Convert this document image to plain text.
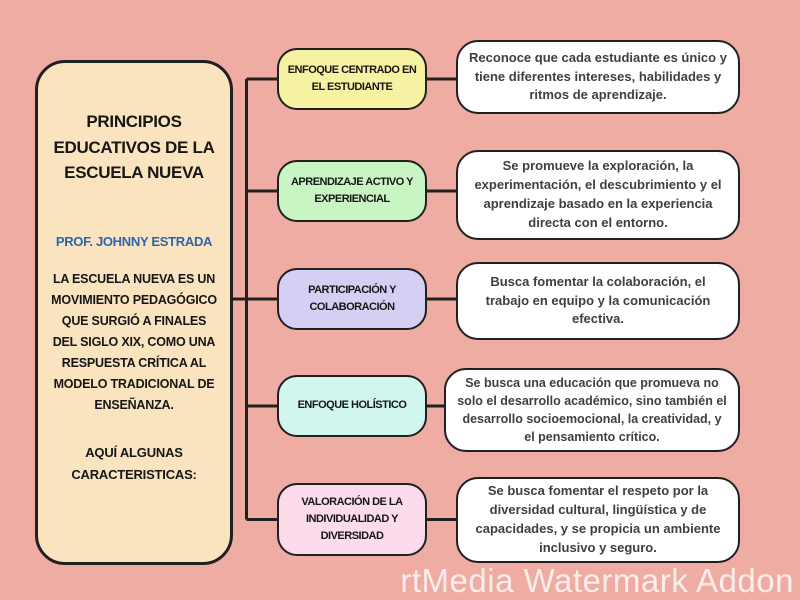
PRINCIPIOS EDUCATIVOS DE LA ESCUELA NUEVA
PROF. JOHNNY ESTRADA

LA ESCUELA NUEVA ES UN MOVIMIENTO PEDAGÓGICO QUE SURGIÓ A FINALES DEL SIGLO XIX, COMO UNA RESPUESTA CRÍTICA AL MODELO TRADICIONAL DE ENSEÑANZA.

AQUÍ ALGUNAS CARACTERISTICAS:

ENFOQUE CENTRADO EN EL ESTUDIANTE
APRENDIZAJE ACTIVO Y EXPERIENCIAL
PARTICIPACIÓN Y COLABORACIÓN
ENFOQUE HOLÍSTICO
VALORACIÓN DE LA INDIVIDUALIDAD Y DIVERSIDAD
Reconoce que cada estudiante es único y tiene diferentes intereses, habilidades y ritmos de aprendizaje.
Se promueve la exploración, la experimentación, el descubrimiento y el aprendizaje basado en la experiencia directa con el entorno.
Busca fomentar la colaboración, el trabajo en equipo y la comunicación efectiva.
Se busca una educación que promueva no solo el desarrollo académico, sino también el desarrollo socioemocional, la creatividad, y el pensamiento crítico.
Se busca fomentar el respeto por la diversidad cultural, lingüística y de capacidades, y se propicia un ambiente inclusivo y seguro.
rtMedia Watermark Addon
